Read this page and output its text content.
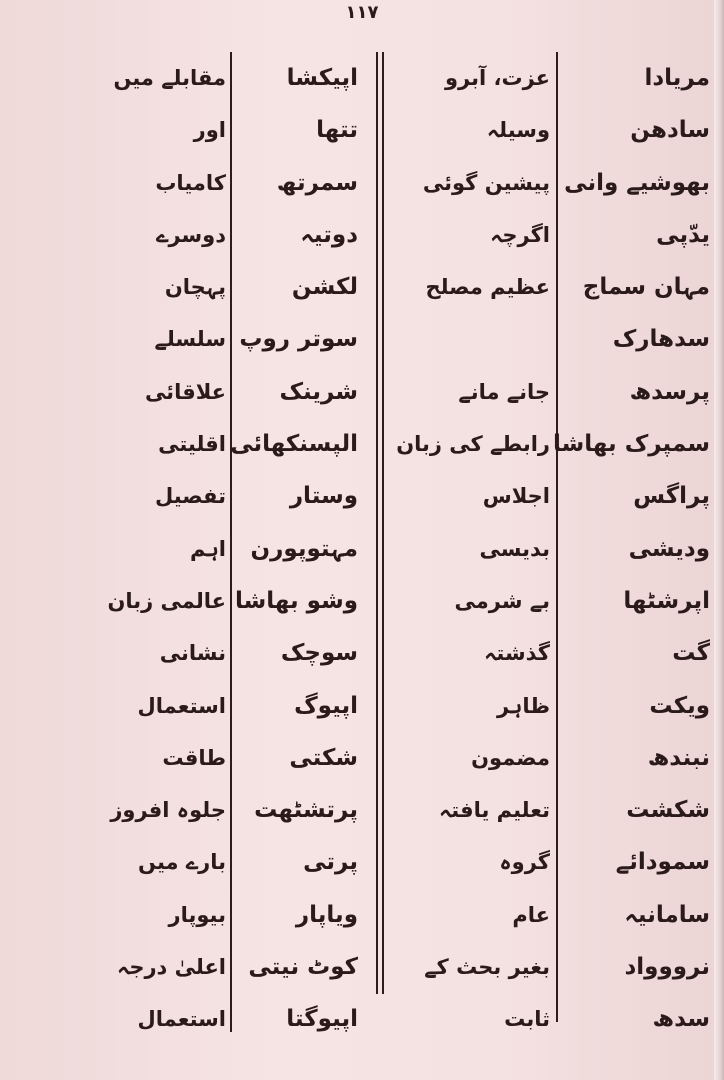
۱۱۷
مریادا
سادھن
بھوشیے وانی
یدّپی
مہان سماج
سدھارک
پرسدھ
سمپرک بھاشا
پراگس
ودیشی
اپرشٹھا
گت
ویکت
نبندھ
شکشت
سمودائے
سامانیہ
نرووواد
سدھ
عزت، آبرو
وسیلہ
پیشین گوئی
اگرچہ
عظیم مصلح
جانے مانے
رابطے کی زبان
اجلاس
بدیسی
بے شرمی
گذشتہ
ظاہر
مضمون
تعلیم یافتہ
گروہ
عام
بغیر بحث کے
ثابت
اپیکشا
تتھا
سمرتھ
دوتیہ
لکشن
سوتر روپ
شرینک
الپسنکھائی
وستار
مہتوپورن
وشو بھاشا
سوچک
اپیوگ
شکتی
پرتشٹھت
پرتی
ویاپار
کوٹ نیتی
اپیوگتا
مقابلے میں
اور
کامیاب
دوسرے
پہچان
سلسلے
علاقائی
اقلیتی
تفصیل
اہم
عالمی زبان
نشانی
استعمال
طاقت
جلوہ افروز
بارے میں
بیوپار
اعلیٰ درجہ
استعمال
